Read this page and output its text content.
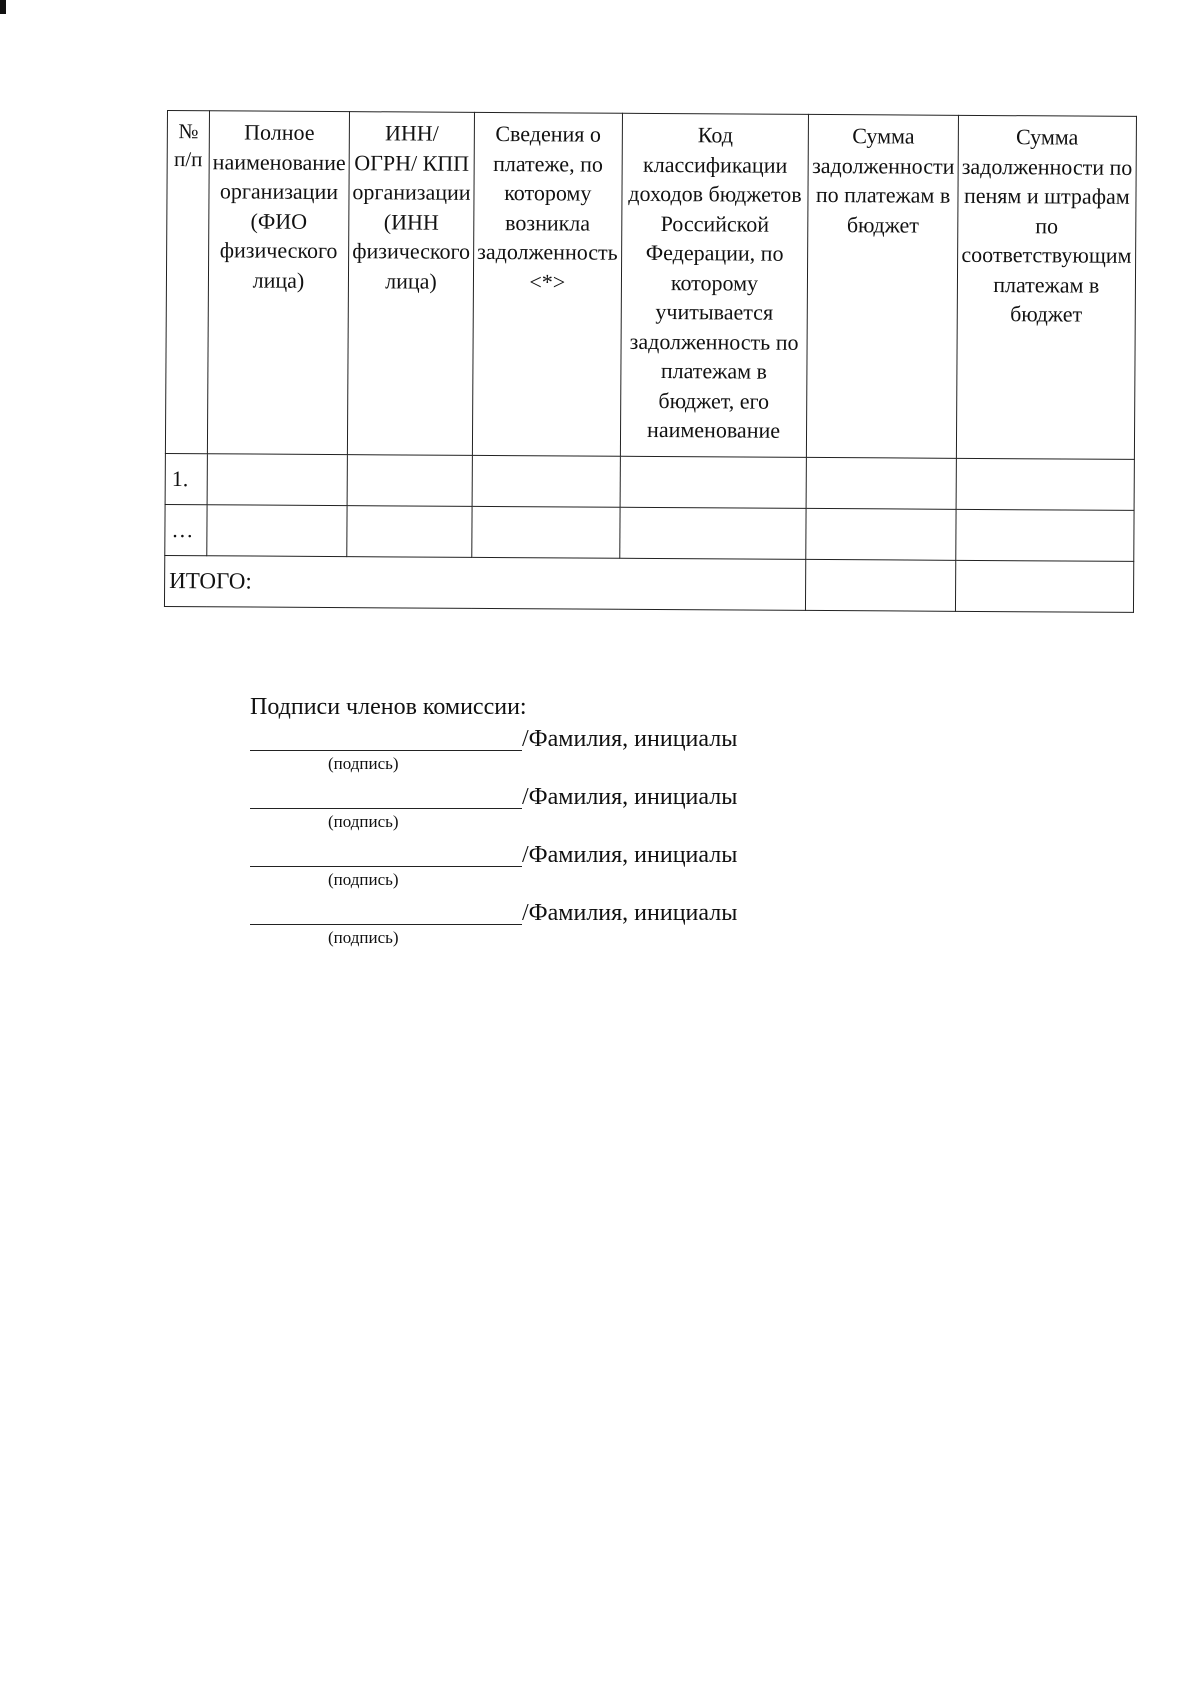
№ п/п	Полное наименование организации (ФИО физического лица)	ИНН/ ОГРН/ КПП организации (ИНН физического лица)	Сведения о платеже, по которому возникла задолженность <*>	Код классификации доходов бюджетов Российской Федерации, по которому учитывается задолженность по платежам в бюджет, его наименование	Сумма задолженности по платежам в бюджет	Сумма задолженности по пеням и штрафам по соответствующим платежам в бюджет
1.						
…						
ИТОГО:						
Подписи членов комиссии:
/Фамилия, инициалы
(подпись)
/Фамилия, инициалы
(подпись)
/Фамилия, инициалы
(подпись)
/Фамилия, инициалы
(подпись)
